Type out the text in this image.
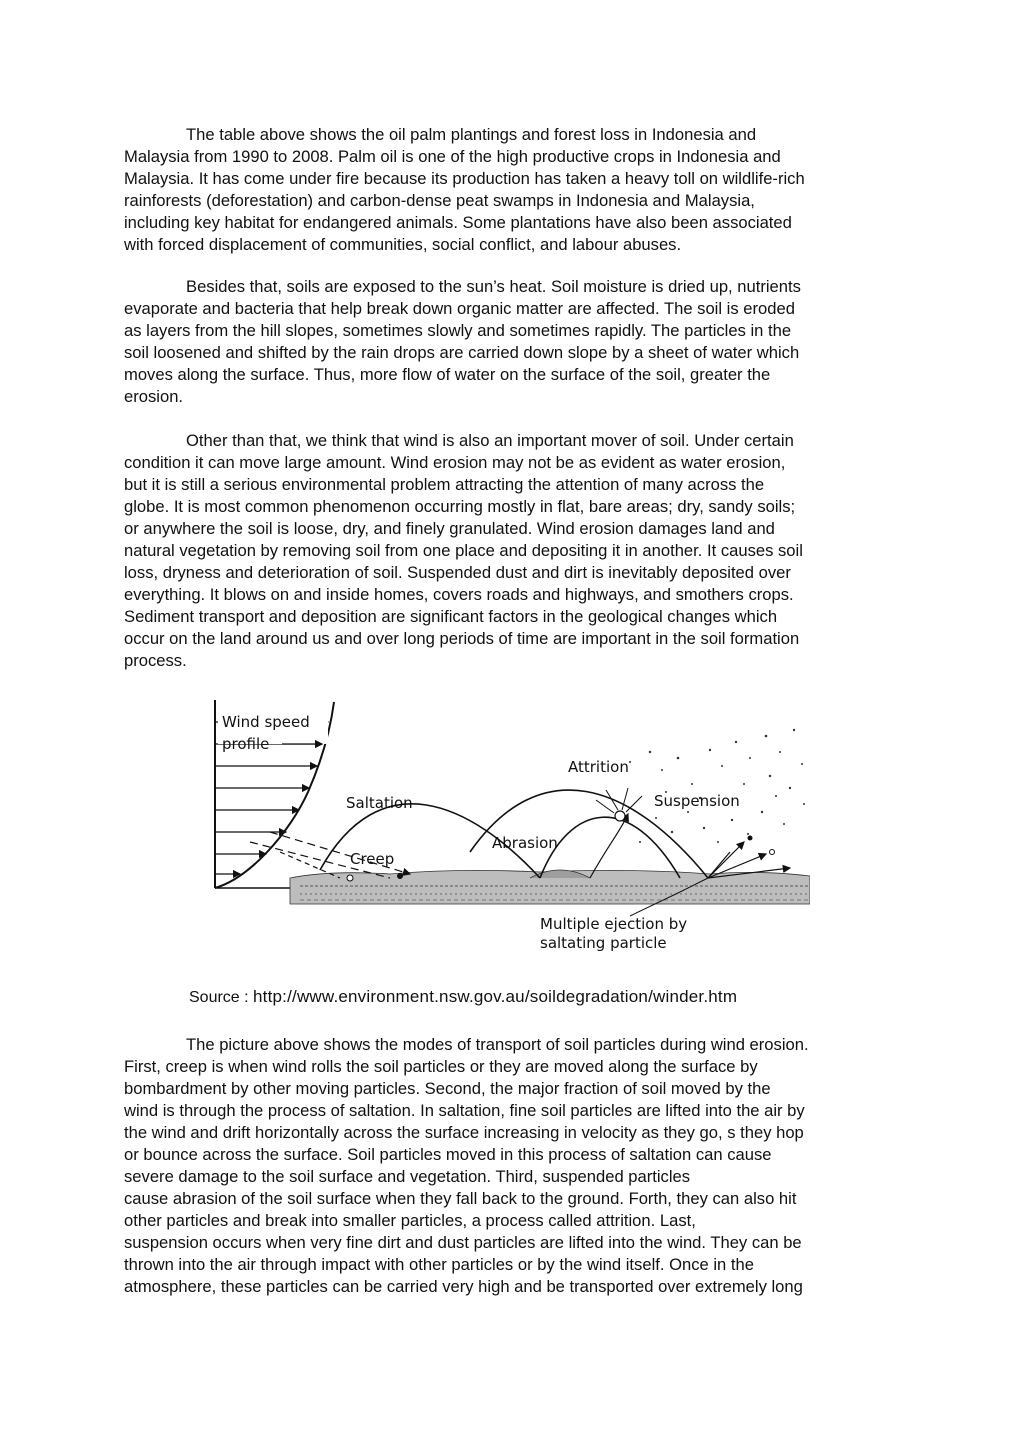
The table above shows the oil palm plantings and forest loss in Indonesia and
Malaysia from 1990 to 2008. Palm oil is one of the high productive crops in Indonesia and
Malaysia. It has come under fire because its production has taken a heavy toll on wildlife-rich
rainforests (deforestation) and carbon-dense peat swamps in Indonesia and Malaysia,
including key habitat for endangered animals. Some plantations have also been associated
with forced displacement of communities, social conflict, and labour abuses.

Besides that, soils are exposed to the sun’s heat. Soil moisture is dried up, nutrients
evaporate and bacteria that help break down organic matter are affected. The soil is eroded
as layers from the hill slopes, sometimes slowly and sometimes rapidly. The particles in the
soil loosened and shifted by the rain drops are carried down slope by a sheet of water which
moves along the surface. Thus, more flow of water on the surface of the soil, greater the
erosion.

Other than that, we think that wind is also an important mover of soil. Under certain
condition it can move large amount. Wind erosion may not be as evident as water erosion,
but it is still a serious environmental problem attracting the attention of many across the
globe. It is most common phenomenon occurring mostly in flat, bare areas; dry, sandy soils;
or anywhere the soil is loose, dry, and finely granulated. Wind erosion damages land and
natural vegetation by removing soil from one place and depositing it in another. It causes soil
loss, dryness and deterioration of soil. Suspended dust and dirt is inevitably deposited over
everything. It blows on and inside homes, covers roads and highways, and smothers crops.
Sediment transport and deposition are significant factors in the geological changes which
occur on the land around us and over long periods of time are important in the soil formation
process.

Wind speed
profile
Creep
Saltation
Abrasion
Attrition
Suspension
Multiple ejection by
saltating particle
Source : http://www.environment.nsw.gov.au/soildegradation/winder.htm

The picture above shows the modes of transport of soil particles during wind erosion.
First, creep is when wind rolls the soil particles or they are moved along the surface by
bombardment by other moving particles. Second, the major fraction of soil moved by the
wind is through the process of saltation. In saltation, fine soil particles are lifted into the air by
the wind and drift horizontally across the surface increasing in velocity as they go, s they hop
or bounce across the surface. Soil particles moved in this process of saltation can cause
severe damage to the soil surface and vegetation. Third, suspended particles
cause abrasion of the soil surface when they fall back to the ground. Forth, they can also hit
other particles and break into smaller particles, a process called attrition. Last,
suspension occurs when very fine dirt and dust particles are lifted into the wind. They can be
thrown into the air through impact with other particles or by the wind itself. Once in the
atmosphere, these particles can be carried very high and be transported over extremely long
